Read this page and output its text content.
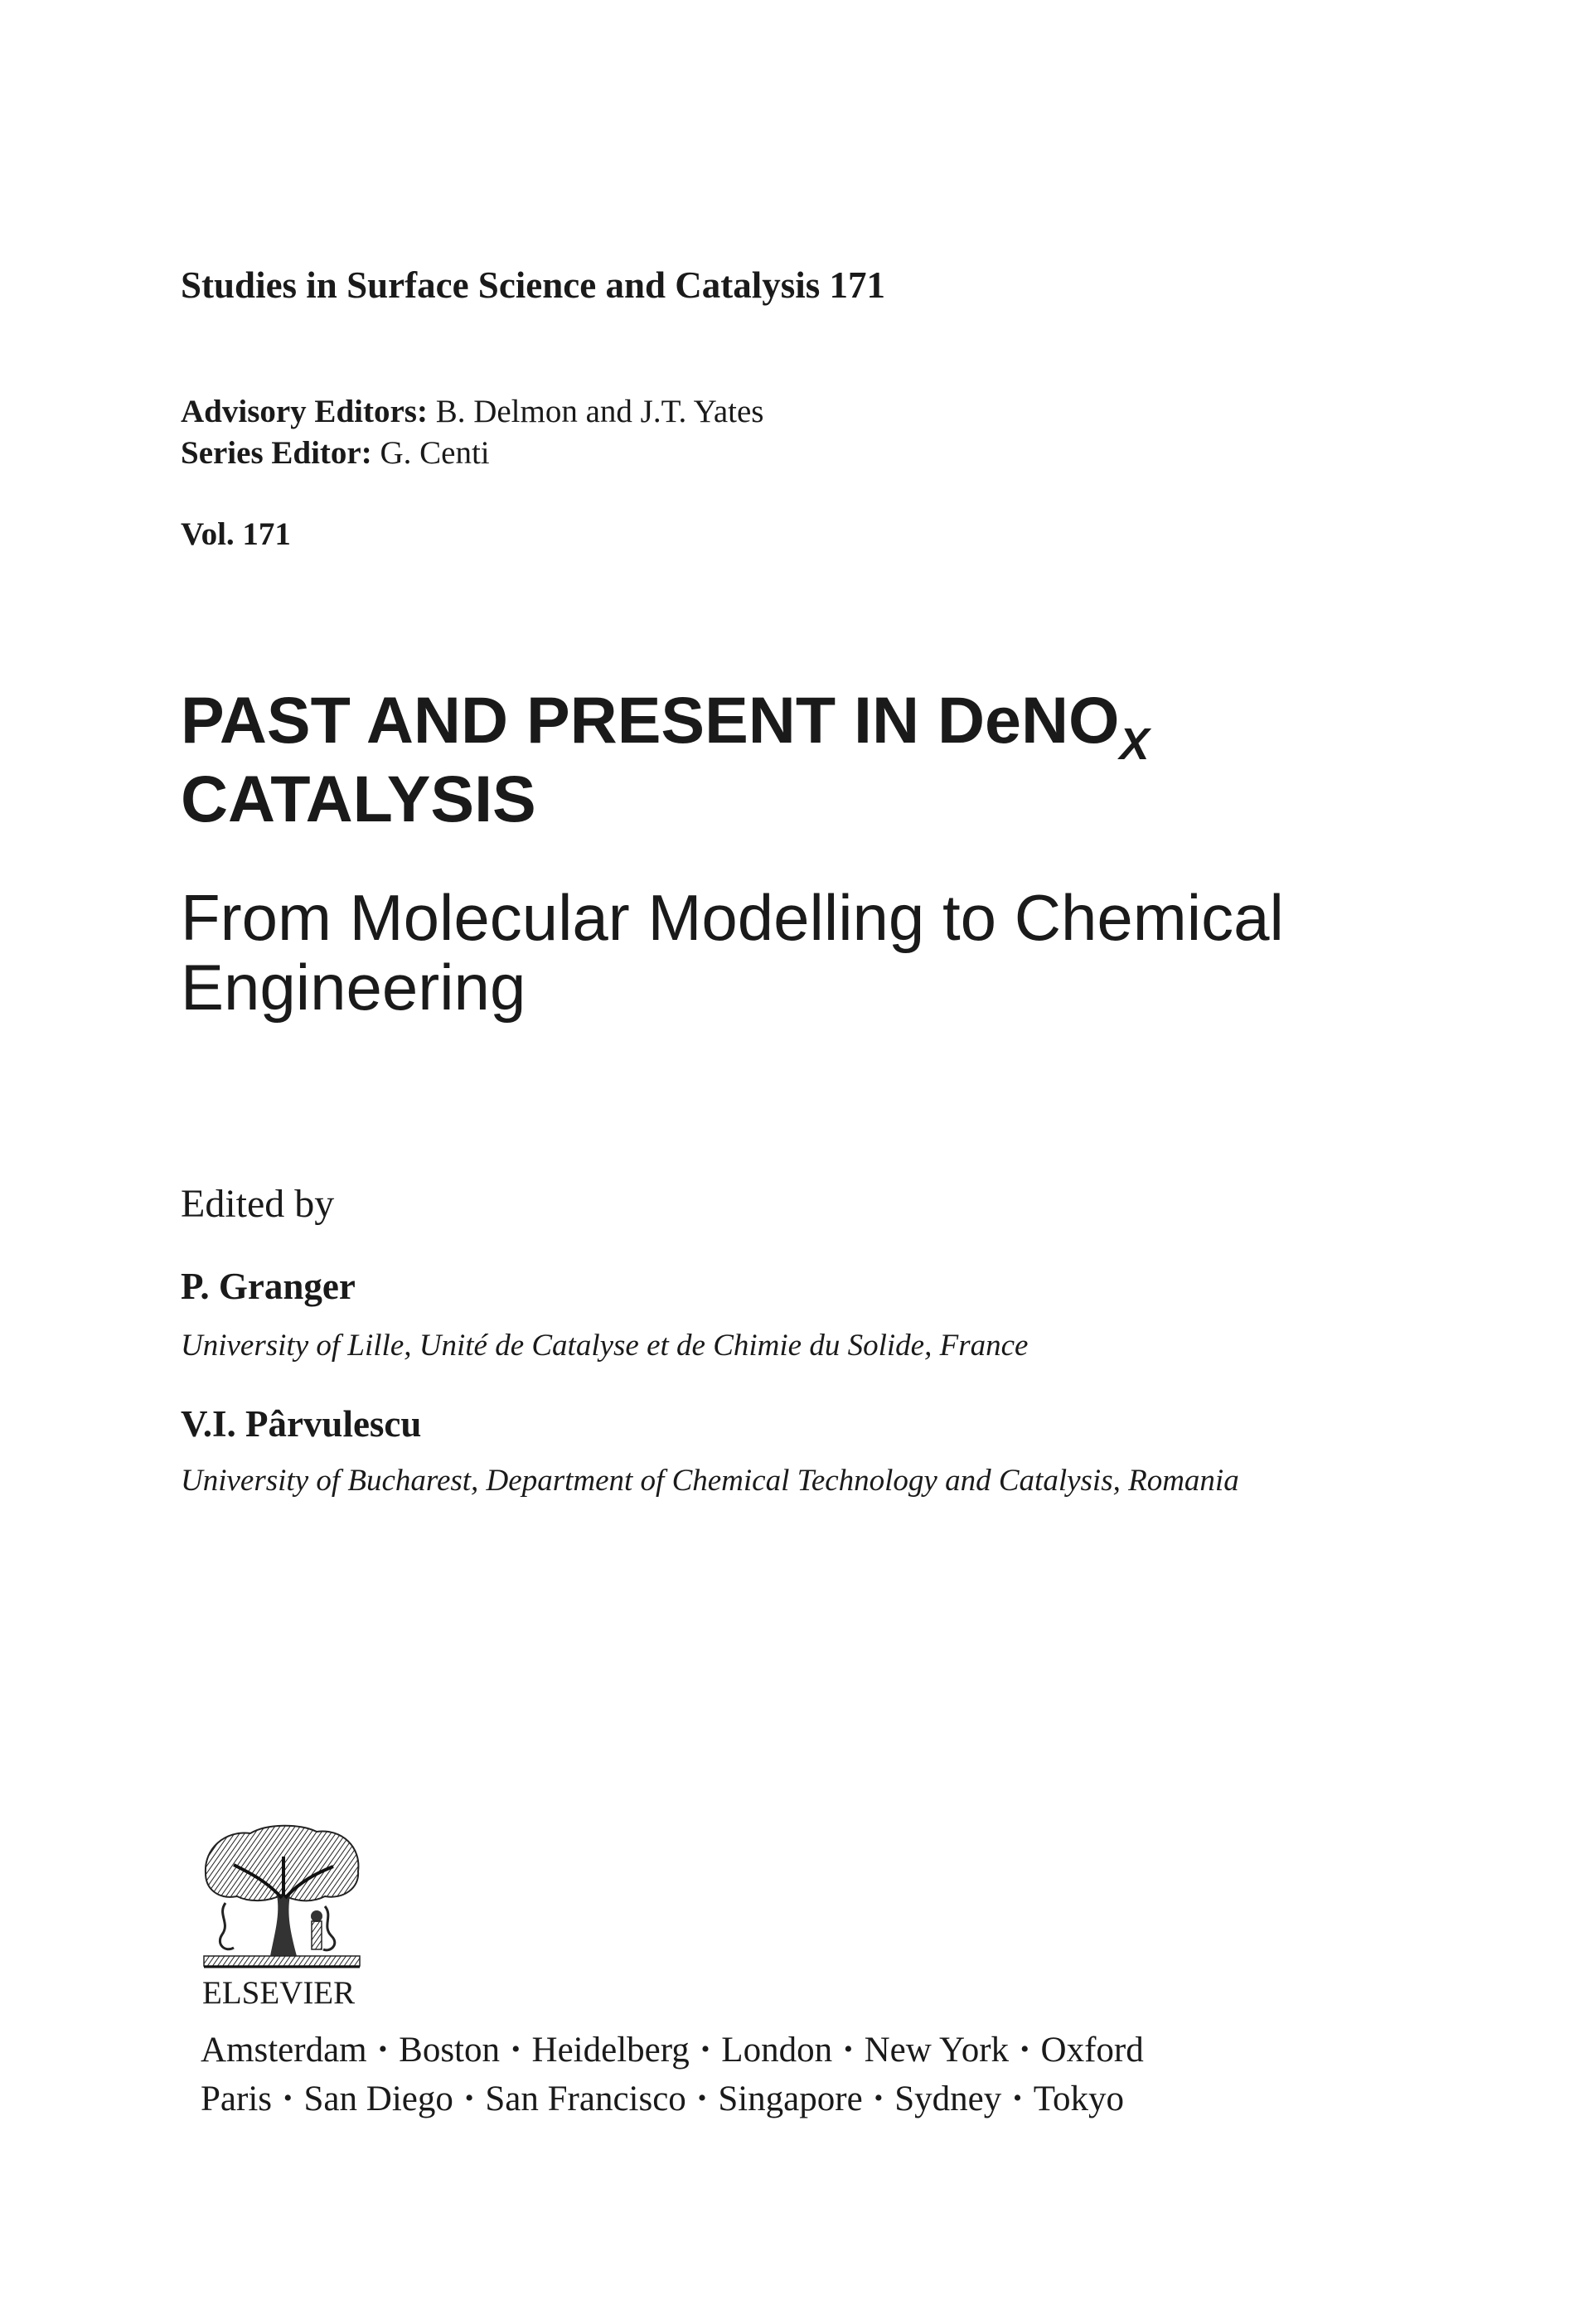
Studies in Surface Science and Catalysis 171
Advisory Editors: B. Delmon and J.T. Yates
Series Editor: G. Centi
Vol. 171
PAST AND PRESENT IN DeNO$_X$
CATALYSIS
From Molecular Modelling to Chemical
Engineering
Edited by
P. Granger
University of Lille, Unité de Catalyse et de Chimie du Solide, France
V.I. Pârvulescu
University of Bucharest, Department of Chemical Technology and Catalysis, Romania
ELSEVIER
Amsterdam • Boston • Heidelberg • London • New York • Oxford
Paris • San Diego • San Francisco • Singapore • Sydney • Tokyo
